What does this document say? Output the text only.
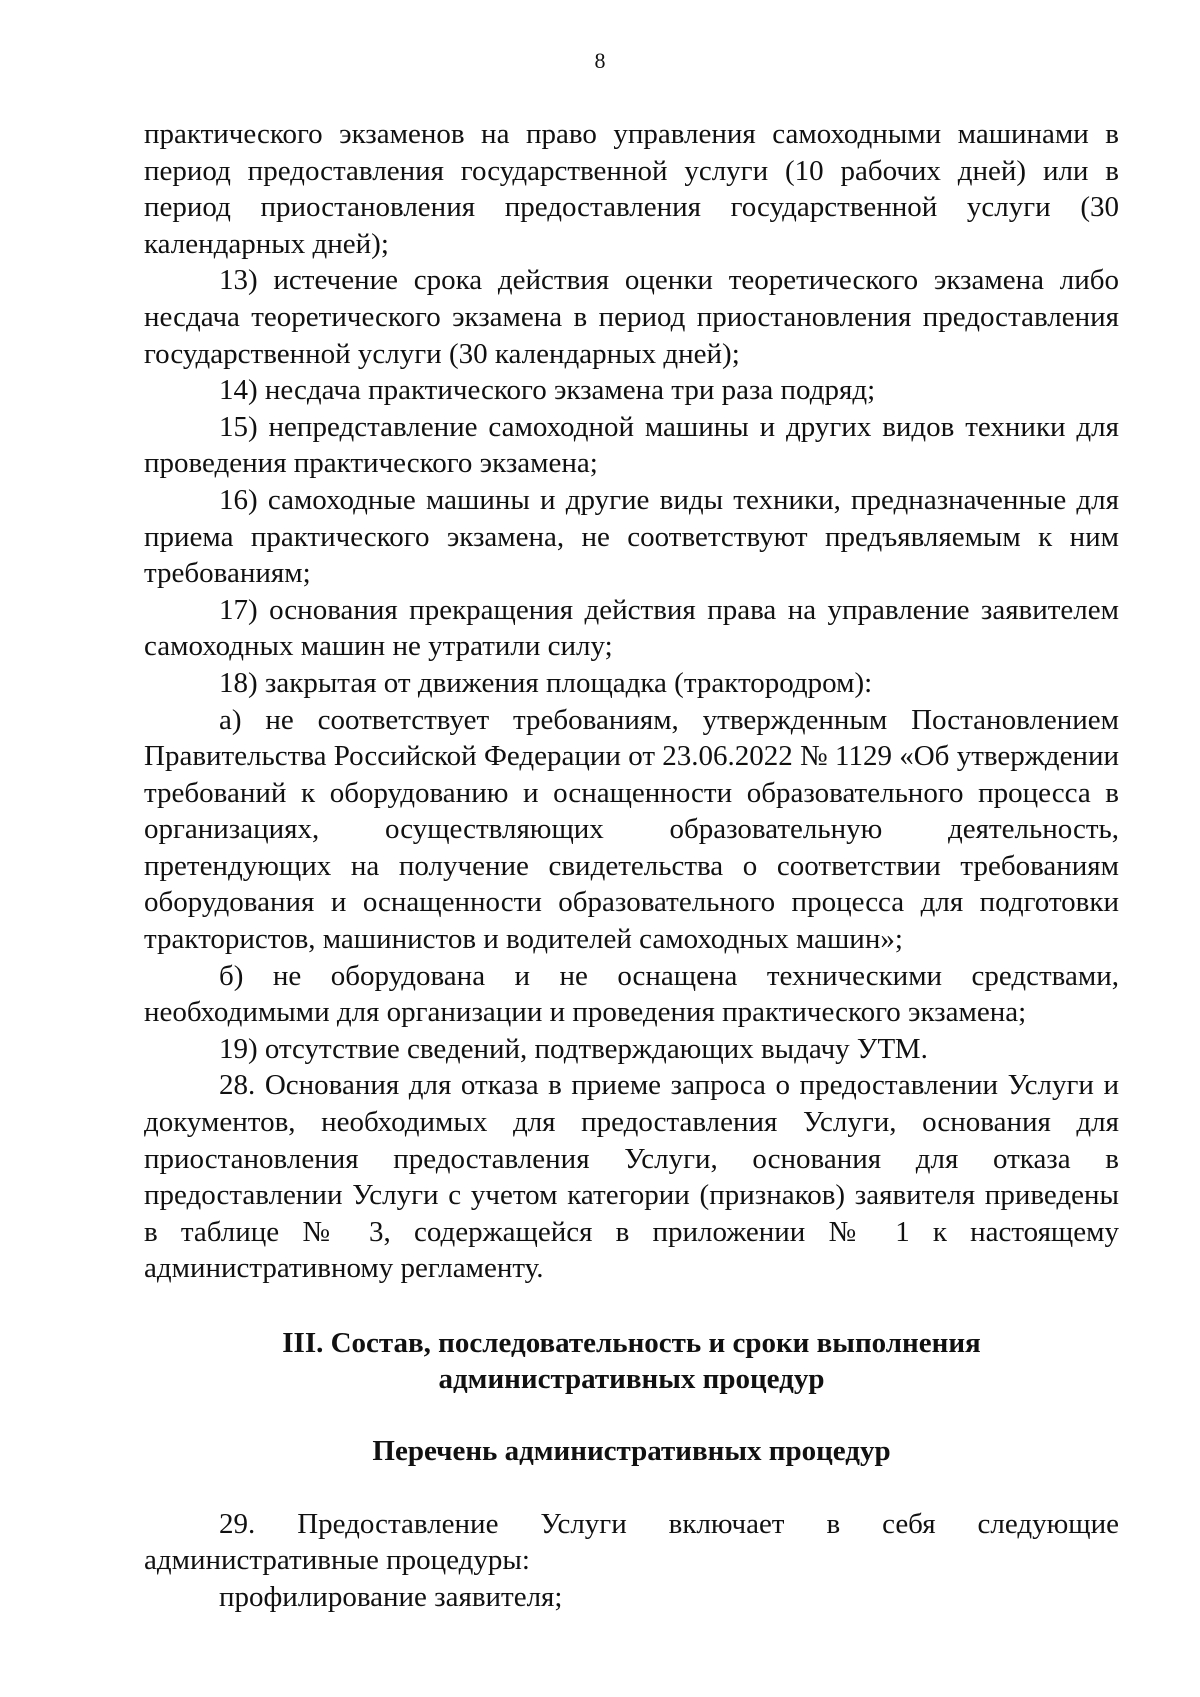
8

практического экзаменов на право управления самоходными машинами в период предоставления государственной услуги (10 рабочих дней) или в период приостановления предоставления государственной услуги (30 календарных дней);

13) истечение срока действия оценки теоретического экзамена либо несдача теоретического экзамена в период приостановления предоставления государственной услуги (30 календарных дней);

14) несдача практического экзамена три раза подряд;

15) непредставление самоходной машины и других видов техники для проведения практического экзамена;

16) самоходные машины и другие виды техники, предназначенные для приема практического экзамена, не соответствуют предъявляемым к ним требованиям;

17) основания прекращения действия права на управление заявителем самоходных машин не утратили силу;

18) закрытая от движения площадка (трактородром):

а) не соответствует требованиям, утвержденным Постановлением Правительства Российской Федерации от 23.06.2022 № 1129 «Об утверждении требований к оборудованию и оснащенности образовательного процесса в организациях, осуществляющих образовательную деятельность, претендующих на получение свидетельства о соответствии требованиям оборудования и оснащенности образовательного процесса для подготовки трактористов, машинистов и водителей самоходных машин»;

б) не оборудована и не оснащена техническими средствами, необходимыми для организации и проведения практического экзамена;

19) отсутствие сведений, подтверждающих выдачу УТМ.

28. Основания для отказа в приеме запроса о предоставлении Услуги и документов, необходимых для предоставления Услуги, основания для приостановления предоставления Услуги, основания для отказа в предоставлении Услуги с учетом категории (признаков) заявителя приведены в таблице № 3, содержащейся в приложении № 1 к настоящему административному регламенту.

III. Состав, последовательность и сроки выполнения
административных процедур
Перечень административных процедур

29. Предоставление Услуги включает в себя следующие административные процедуры:

профилирование заявителя;
